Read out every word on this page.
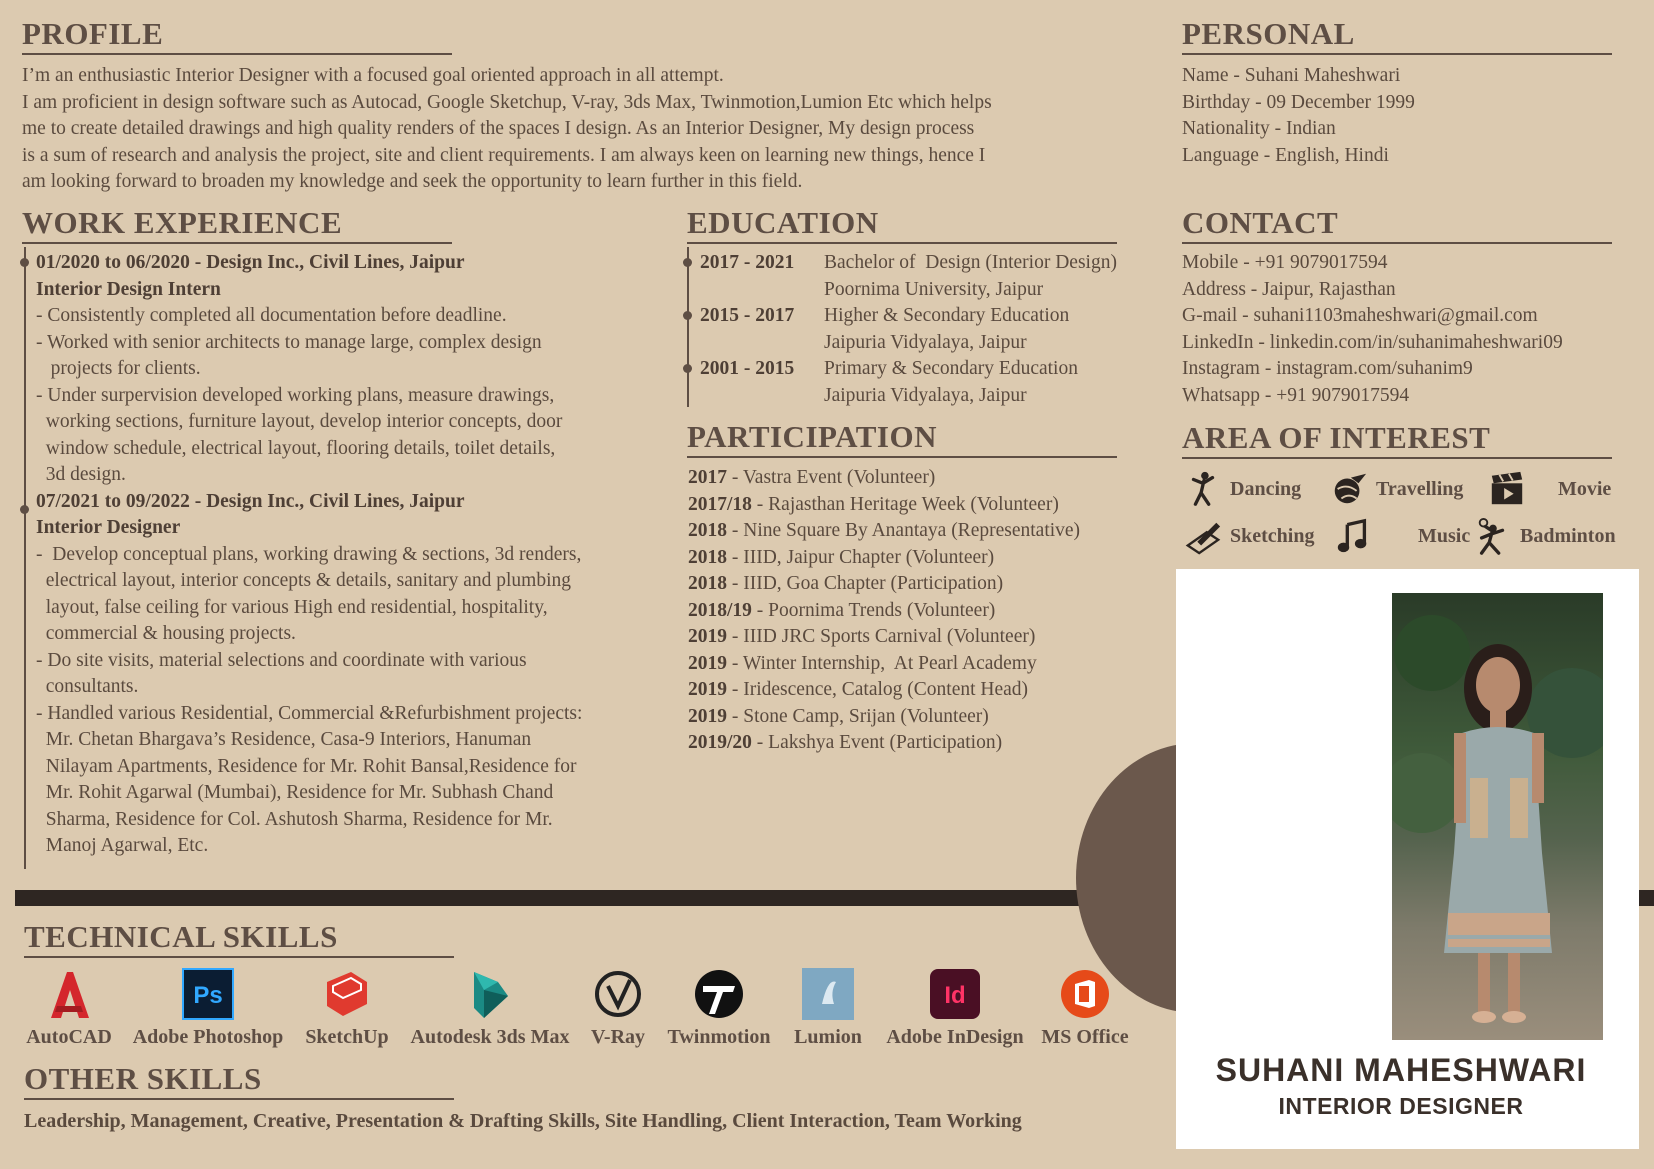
PROFILE
I’m an enthusiastic Interior Designer with a focused goal oriented approach in all attempt.
I am proficient in design software such as Autocad, Google Sketchup, V-ray, 3ds Max, Twinmotion,Lumion Etc which helps
me to create detailed drawings and high quality renders of the spaces I design. As an Interior Designer, My design process
is a sum of research and analysis the project, site and client requirements. I am always keen on learning new things, hence I
am looking forward to broaden my knowledge and seek the opportunity to learn further in this field.
PERSONAL
Name - Suhani Maheshwari
Birthday - 09 December 1999
Nationality - Indian
Language - English, Hindi
WORK EXPERIENCE
01/2020 to 06/2020 - Design Inc., Civil Lines, Jaipur
Interior Design Intern
- Consistently completed all documentation before deadline.
- Worked with senior architects to manage large, complex design
projects for clients.
- Under surpervision developed working plans, measure drawings,
working sections, furniture layout, develop interior concepts, door
window schedule, electrical layout, flooring details, toilet details,
3d design.
07/2021 to 09/2022 - Design Inc., Civil Lines, Jaipur
Interior Designer
-  Develop conceptual plans, working drawing & sections, 3d renders,
electrical layout, interior concepts & details, sanitary and plumbing
layout, false ceiling for various High end residential, hospitality,
commercial & housing projects.
- Do site visits, material selections and coordinate with various
consultants.
- Handled various Residential, Commercial &Refurbishment projects:
Mr. Chetan Bhargava’s Residence, Casa-9 Interiors, Hanuman
Nilayam Apartments, Residence for Mr. Rohit Bansal,Residence for
Mr. Rohit Agarwal (Mumbai), Residence for Mr. Subhash Chand
Sharma, Residence for Col. Ashutosh Sharma, Residence for Mr.
Manoj Agarwal, Etc.
EDUCATION
2017 - 2021	Bachelor of  Design (Interior Design)
Poornima University, Jaipur
2015 - 2017	Higher & Secondary Education
Jaipuria Vidyalaya, Jaipur
2001 - 2015	Primary & Secondary Education
Jaipuria Vidyalaya, Jaipur
PARTICIPATION
2017 - Vastra Event (Volunteer)
2017/18 - Rajasthan Heritage Week (Volunteer)
2018 - Nine Square By Anantaya (Representative)
2018 - IIID, Jaipur Chapter (Volunteer)
2018 - IIID, Goa Chapter (Participation)
2018/19 - Poornima Trends (Volunteer)
2019 - IIID JRC Sports Carnival (Volunteer)
2019 - Winter Internship,  At Pearl Academy
2019 - Iridescence, Catalog (Content Head)
2019 - Stone Camp, Srijan (Volunteer)
2019/20 - Lakshya Event (Participation)
CONTACT
Mobile - +91 9079017594
Address - Jaipur, Rajasthan
G-mail - suhani1103maheshwari@gmail.com
LinkedIn - linkedin.com/in/suhanimaheshwari09
Instagram - instagram.com/suhanim9
Whatsapp - +91 9079017594
AREA OF INTEREST
Dancing	Travelling	Movie
Sketching	Music Badminton
SUHANI MAHESHWARI
INTERIOR DESIGNER
TECHNICAL SKILLS
AutoCAD
Ps
Adobe Photoshop SketchUp Autodesk 3ds Max V-Ray Twinmotion Lumion
Id
Adobe InDesign MS Office
OTHER SKILLS
Leadership, Management, Creative, Presentation & Drafting Skills, Site Handling, Client Interaction, Team Working
